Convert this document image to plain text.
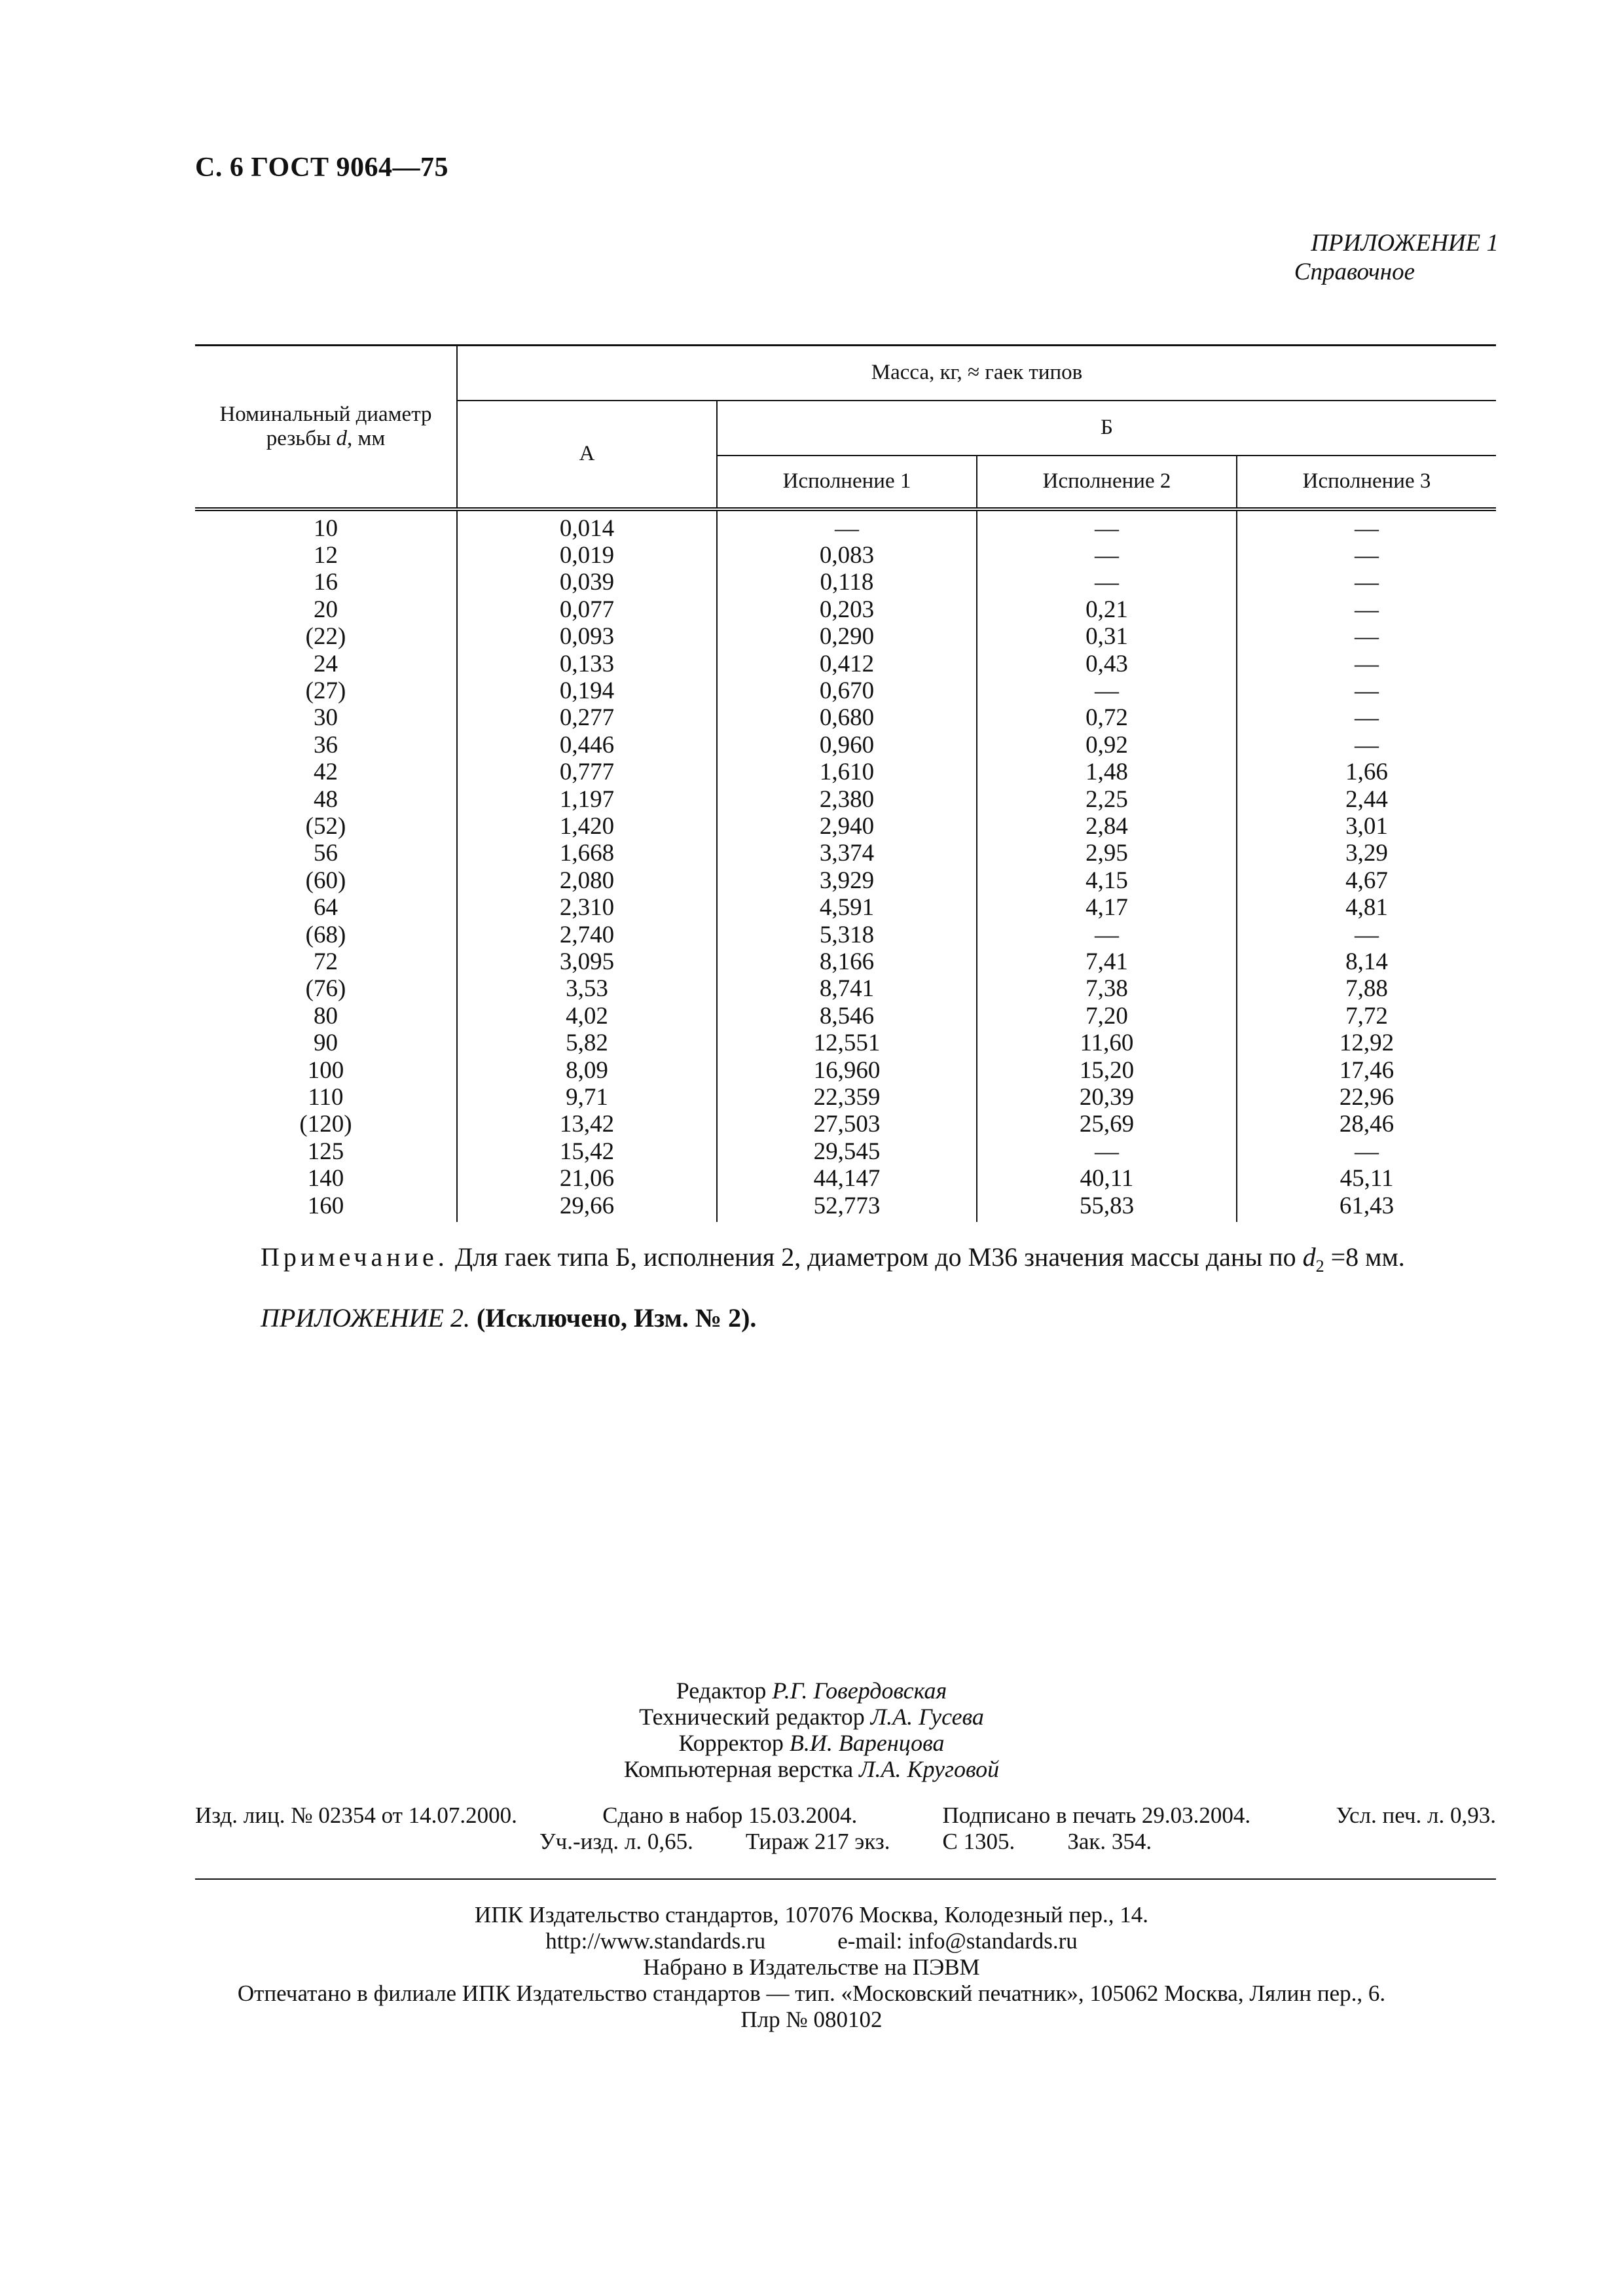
С. 6 ГОСТ 9064—75
ПРИЛОЖЕНИЕ 1
Справочное
Номинальный диаметр резьбы d, мм	Масса, кг, ≈ гаек типов			
	А	Б		
		Исполнение 1	Исполнение 2	Исполнение 3
10	0,014	—	—	—
12	0,019	0,083	—	—
16	0,039	0,118	—	—
20	0,077	0,203	0,21	—
(22)	0,093	0,290	0,31	—
24	0,133	0,412	0,43	—
(27)	0,194	0,670	—	—
30	0,277	0,680	0,72	—
36	0,446	0,960	0,92	—
42	0,777	1,610	1,48	1,66
48	1,197	2,380	2,25	2,44
(52)	1,420	2,940	2,84	3,01
56	1,668	3,374	2,95	3,29
(60)	2,080	3,929	4,15	4,67
64	2,310	4,591	4,17	4,81
(68)	2,740	5,318	—	—
72	3,095	8,166	7,41	8,14
(76)	3,53	8,741	7,38	7,88
80	4,02	8,546	7,20	7,72
90	5,82	12,551	11,60	12,92
100	8,09	16,960	15,20	17,46
110	9,71	22,359	20,39	22,96
(120)	13,42	27,503	25,69	28,46
125	15,42	29,545	—	—
140	21,06	44,147	40,11	45,11
160	29,66	52,773	55,83	61,43
Примечание. Для гаек типа Б, исполнения 2, диаметром до М36 значения массы даны по $d_2 =8$ мм.
ПРИЛОЖЕНИЕ 2. (Исключено, Изм. № 2).
Редактор Р.Г. Говердовская
Технический редактор Л.А. Гусева
Корректор В.И. Варенцова
Компьютерная верстка Л.А. Круговой
Изд. лиц. № 02354 от 14.07.2000.	Сдано в набор 15.03.2004.	Подписано в печать 29.03.2004.	Усл. печ. л. 0,93.
Уч.-изд. л. 0,65. Тираж 217 экз. С 1305. Зак. 354.
ИПК Издательство стандартов, 107076 Москва, Колодезный пер., 14.
http://www.standards.ru	e-mail: info@standards.ru
Набрано в Издательстве на ПЭВМ
Отпечатано в филиале ИПК Издательство стандартов — тип. «Московский печатник», 105062 Москва, Лялин пер., 6.
Плр № 080102
